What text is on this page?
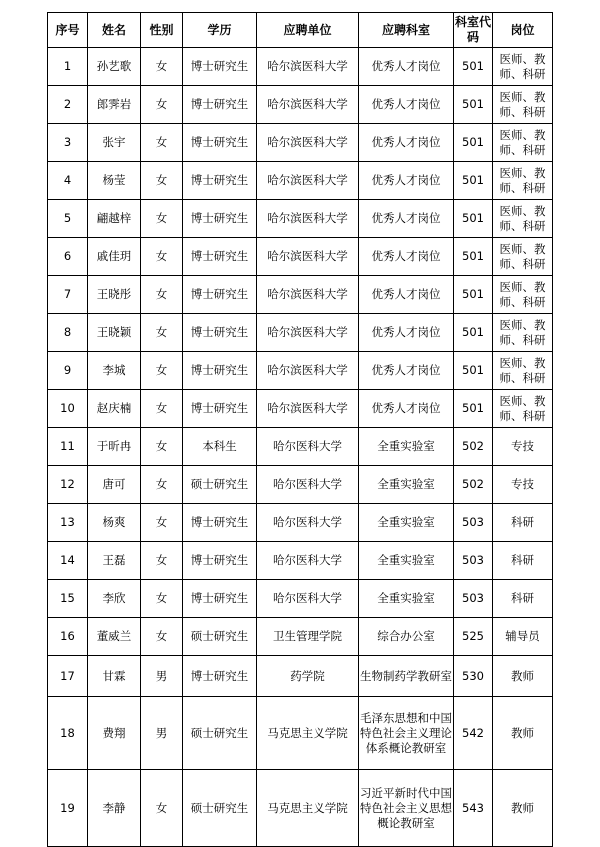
序号	姓名	性别	学历	应聘单位	应聘科室	科室代码	岗位
1	孙艺歌	女	博士研究生	哈尔滨医科大学	优秀人才岗位	501	医师、教师、科研
2	郎霁岩	女	博士研究生	哈尔滨医科大学	优秀人才岗位	501	医师、教师、科研
3	张宇	女	博士研究生	哈尔滨医科大学	优秀人才岗位	501	医师、教师、科研
4	杨莹	女	博士研究生	哈尔滨医科大学	优秀人才岗位	501	医师、教师、科研
5	翩越梓	女	博士研究生	哈尔滨医科大学	优秀人才岗位	501	医师、教师、科研
6	戚佳玥	女	博士研究生	哈尔滨医科大学	优秀人才岗位	501	医师、教师、科研
7	王晓彤	女	博士研究生	哈尔滨医科大学	优秀人才岗位	501	医师、教师、科研
8	王晓颖	女	博士研究生	哈尔滨医科大学	优秀人才岗位	501	医师、教师、科研
9	李城	女	博士研究生	哈尔滨医科大学	优秀人才岗位	501	医师、教师、科研
10	赵庆楠	女	博士研究生	哈尔滨医科大学	优秀人才岗位	501	医师、教师、科研
11	于昕冉	女	本科生	哈尔医科大学	全重实验室	502	专技
12	唐可	女	硕士研究生	哈尔医科大学	全重实验室	502	专技
13	杨爽	女	博士研究生	哈尔医科大学	全重实验室	503	科研
14	王磊	女	博士研究生	哈尔医科大学	全重实验室	503	科研
15	李欣	女	博士研究生	哈尔医科大学	全重实验室	503	科研
16	董威兰	女	硕士研究生	卫生管理学院	综合办公室	525	辅导员
17	甘霖	男	博士研究生	药学院	生物制药学教研室	530	教师
18	费翔	男	硕士研究生	马克思主义学院	毛泽东思想和中国特色社会主义理论体系概论教研室	542	教师
19	李静	女	硕士研究生	马克思主义学院	习近平新时代中国特色社会主义思想概论教研室	543	教师
